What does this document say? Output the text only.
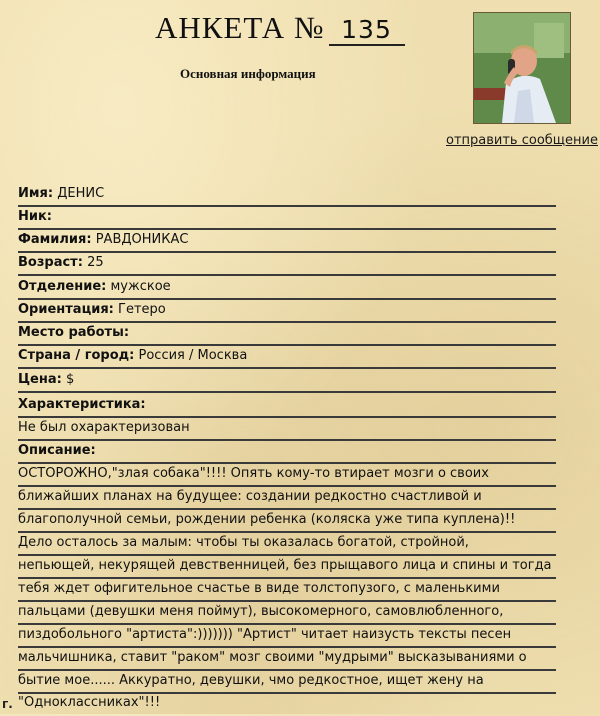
АНКЕТА № 135
Основная информация
отправить сообщение
Имя: ДЕНИС
Ник:
Фамилия: РАВДОНИКАС
Возраст: 25
Отделение: мужское
Ориентация: Гетеро
Место работы:
Страна / город: Россия / Москва
Цена: $
Характеристика:
Не был охарактеризован
Описание:
ОСТОРОЖНО,"злая собака"!!!! Опять кому-то втирает мозги о своих
ближайших планах на будущее: создании редкостно счастливой и
благополучной семьи, рождении ребенка (коляска уже типа куплена)!!
Дело осталось за малым: чтобы ты оказалась богатой, стройной,
непьющей, некурящей девственницей, без прыщавого лица и спины и тогда
тебя ждет офигительное счастье в виде толстопузого, с маленькими
пальцами (девушки меня поймут), высокомерного, самовлюбленного,
пиздобольного "артиста":))))))) "Артист" читает наизусть тексты песен
мальчишника, ставит "раком" мозг своими "мудрыми" высказываниями о
бытие мое...... Аккуратно, девушки, чмо редкостное, ищет жену на
"Одноклассниках"!!!
г.
